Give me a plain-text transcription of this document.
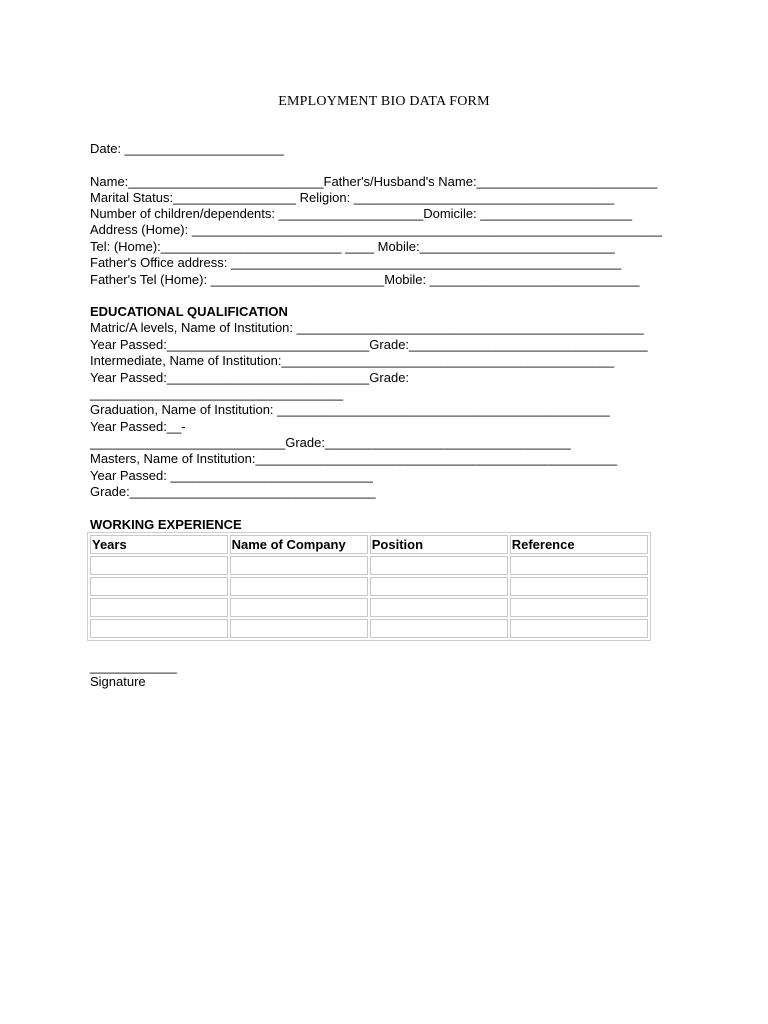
EMPLOYMENT BIO DATA FORM
Date: ______________________
Name:___________________________Father's/Husband's Name:_________________________
Marital Status:_________________ Religion: ____________________________________
Number of children/dependents: ____________________Domicile: _____________________
Address (Home): _________________________________________________________________
Tel: (Home):_________________________ ____ Mobile:___________________________
Father's Office address: ______________________________________________________
Father's Tel (Home): ________________________Mobile: _____________________________
EDUCATIONAL QUALIFICATION
Matric/A levels, Name of Institution: ________________________________________________
Year Passed:____________________________Grade:_________________________________
Intermediate, Name of Institution:______________________________________________
Year Passed:____________________________Grade:
___________________________________
Graduation, Name of Institution: ______________________________________________
Year Passed:__-
___________________________Grade:__________________________________
Masters, Name of Institution:__________________________________________________
Year Passed: ____________________________
Grade:__________________________________
WORKING EXPERIENCE
Years	Name of Company	Position	Reference

____________
Signature
